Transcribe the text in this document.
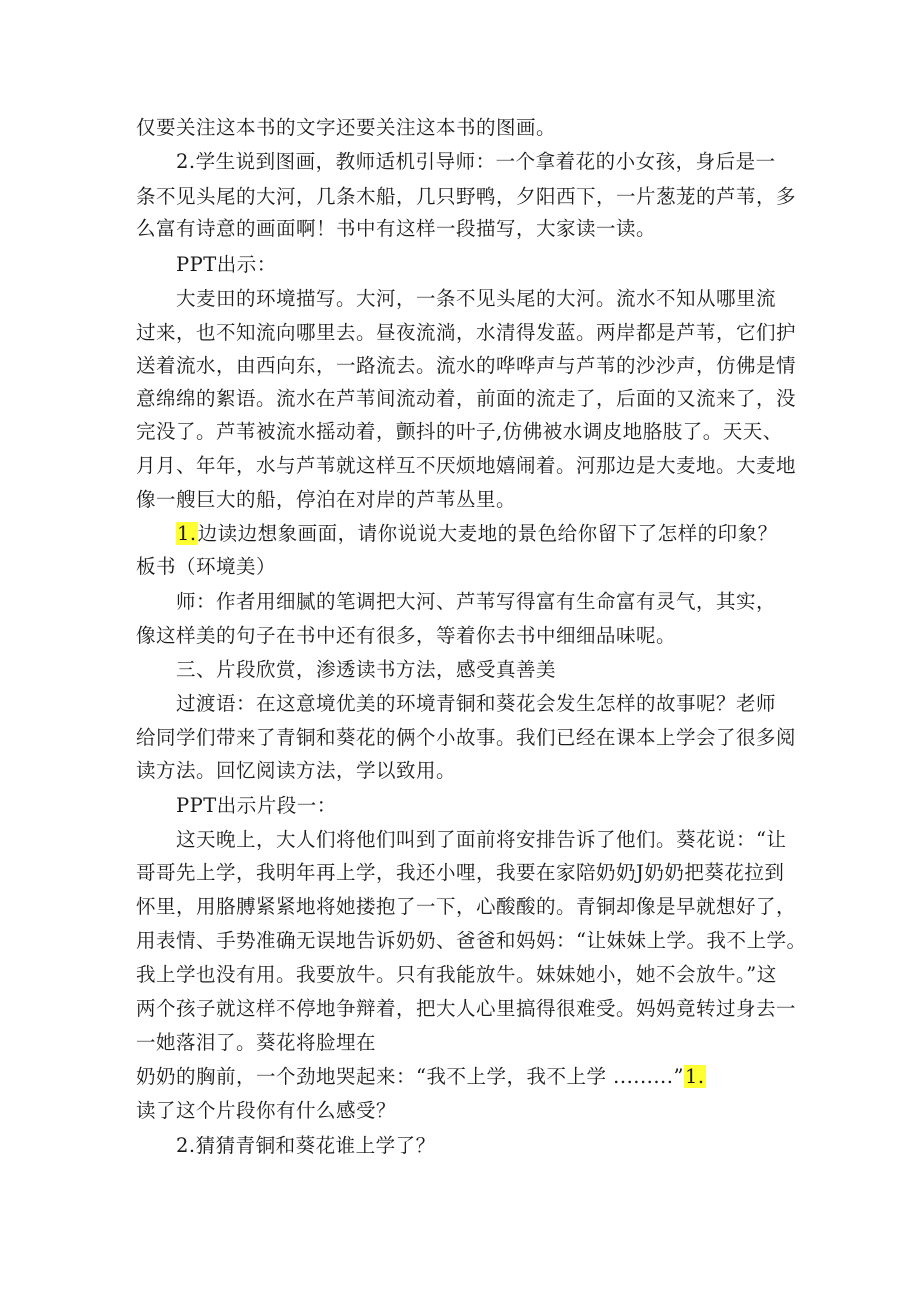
仅要关注这本书的文字还要关注这本书的图画。
2.学生说到图画，教师适机引导师：一个拿着花的小女孩，身后是一
条不见头尾的大河，几条木船，几只野鸭，夕阳西下，一片葱茏的芦苇，多
么富有诗意的画面啊！书中有这样一段描写，大家读一读。
PPT出示：
大麦田的环境描写。大河，一条不见头尾的大河。流水不知从哪里流
过来，也不知流向哪里去。昼夜流淌，水清得发蓝。两岸都是芦苇，它们护
送着流水，由西向东，一路流去。流水的哗哗声与芦苇的沙沙声，仿佛是情
意绵绵的絮语。流水在芦苇间流动着，前面的流走了，后面的又流来了，没
完没了。芦苇被流水摇动着，颤抖的叶子,仿佛被水调皮地胳肢了。天天、
月月、年年，水与芦苇就这样互不厌烦地嬉闹着。河那边是大麦地。大麦地
像一艘巨大的船，停泊在对岸的芦苇丛里。
1.边读边想象画面，请你说说大麦地的景色给你留下了怎样的印象？
板书（环境美）
师：作者用细腻的笔调把大河、芦苇写得富有生命富有灵气，其实，
像这样美的句子在书中还有很多，等着你去书中细细品味呢。
三、片段欣赏，渗透读书方法，感受真善美
过渡语：在这意境优美的环境青铜和葵花会发生怎样的故事呢？老师
给同学们带来了青铜和葵花的俩个小故事。我们已经在课本上学会了很多阅
读方法。回忆阅读方法，学以致用。
PPT出示片段一：
这天晚上，大人们将他们叫到了面前将安排告诉了他们。葵花说：“让
哥哥先上学，我明年再上学，我还小哩，我要在家陪奶奶J奶奶把葵花拉到
怀里，用胳膊紧紧地将她搂抱了一下，心酸酸的。青铜却像是早就想好了，
用表情、手势准确无误地告诉奶奶、爸爸和妈妈：“让妹妹上学。我不上学。
我上学也没有用。我要放牛。只有我能放牛。妹妹她小，她不会放牛。”这
两个孩子就这样不停地争辩着，把大人心里搞得很难受。妈妈竟转过身去一
一她落泪了。葵花将脸埋在
奶奶的胸前，一个劲地哭起来：“我不上学，我不上学 .........”1.
读了这个片段你有什么感受？
2.猜猜青铜和葵花谁上学了？
